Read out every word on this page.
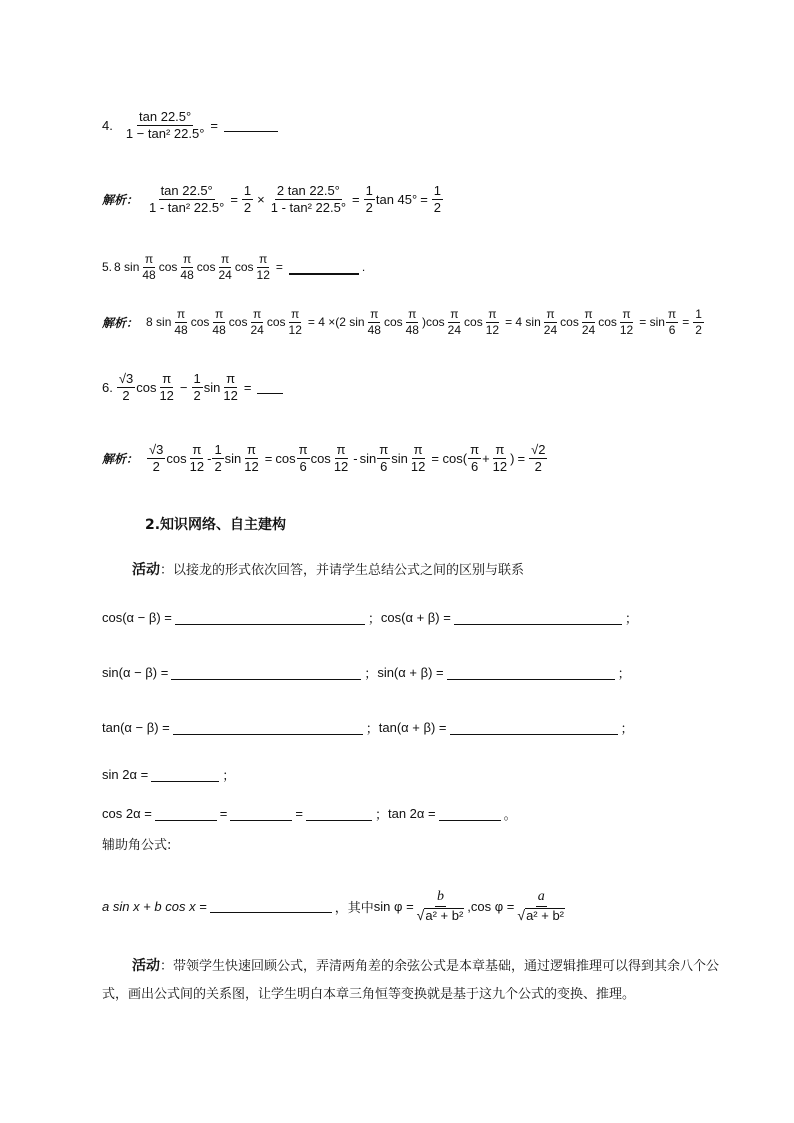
4. $\frac{\tan 22.5^\circ}{\text{1 − tan² 22.5°}}$ =
解析： $\frac{\tan 22.5^\circ}{\text{1 - tan² 22.5°}} = \frac{1}{2} \times \frac{2 \tan 22.5^\circ}{\text{1 - tan² 22.5°}} = \frac{1}{2}$ $\tan 45^\circ = \frac{1}{2}$
5. 8 $\sin \frac{\pi}{48}$ $\cos \frac{\pi}{48}$ $\cos \frac{\pi}{24}$ $\cos \frac{\pi}{12}$ =	.
解析： 8 $\sin \frac{\pi}{48}$ $\cos \frac{\pi}{48}$ $\cos \frac{\pi}{24}$ $\cos \frac{\pi}{12} = 4 \times(2$ $\sin \frac{\pi}{48}$ $\cos \frac{\pi}{48}$ ) $\cos \frac{\pi}{24}$ $\cos \frac{\pi}{12} = 4$ $\sin \frac{\pi}{24}$ $\cos \frac{\pi}{24}$ $\cos \frac{\pi}{12} = \sin \frac{\pi}{6} = \frac{1}{2}$
6. $\frac{√3}{2}$ $\cos \frac{\pi}{12} - \frac{1}{2}$ $\sin \frac{\pi}{12}$ =
解析： $\frac{√3}{2}$ $\cos \frac{\pi}{12} - \frac{1}{2}$ $\sin \frac{\pi}{12} = \cos \frac{\pi}{6}$ $\cos \frac{\pi}{12}$ - $\sin \frac{\pi}{6}$ $\sin \frac{\pi}{12} = \cos( \frac{\pi}{6} + \frac{\pi}{12}$ ) = $\frac{√2}{2}$
2.知识网络、自主建构
活动：以接龙的形式依次回答，并请学生总结公式之间的区别与联系
cos(α − β) =	； cos(α + β) =	；
sin(α − β) =	； sin(α + β) =	；
tan(α − β) =	； tan(α + β) =	；
sin 2α =	；
cos 2α =	=	=	； tan 2α =	。
辅助角公式:
a sin x + b cos x =	，其中 $\sin \varphi = \frac{b}{\text{√ a² + b²}} ,\cos$ $\varphi = \frac{a}{\text{√ a² + b²}}$
活动：带领学生快速回顾公式，弄清两角差的余弦公式是本章基础，通过逻辑推理可以得到其余八个公式，画出公式间的关系图，让学生明白本章三角恒等变换就是基于这九个公式的变换、推理。
